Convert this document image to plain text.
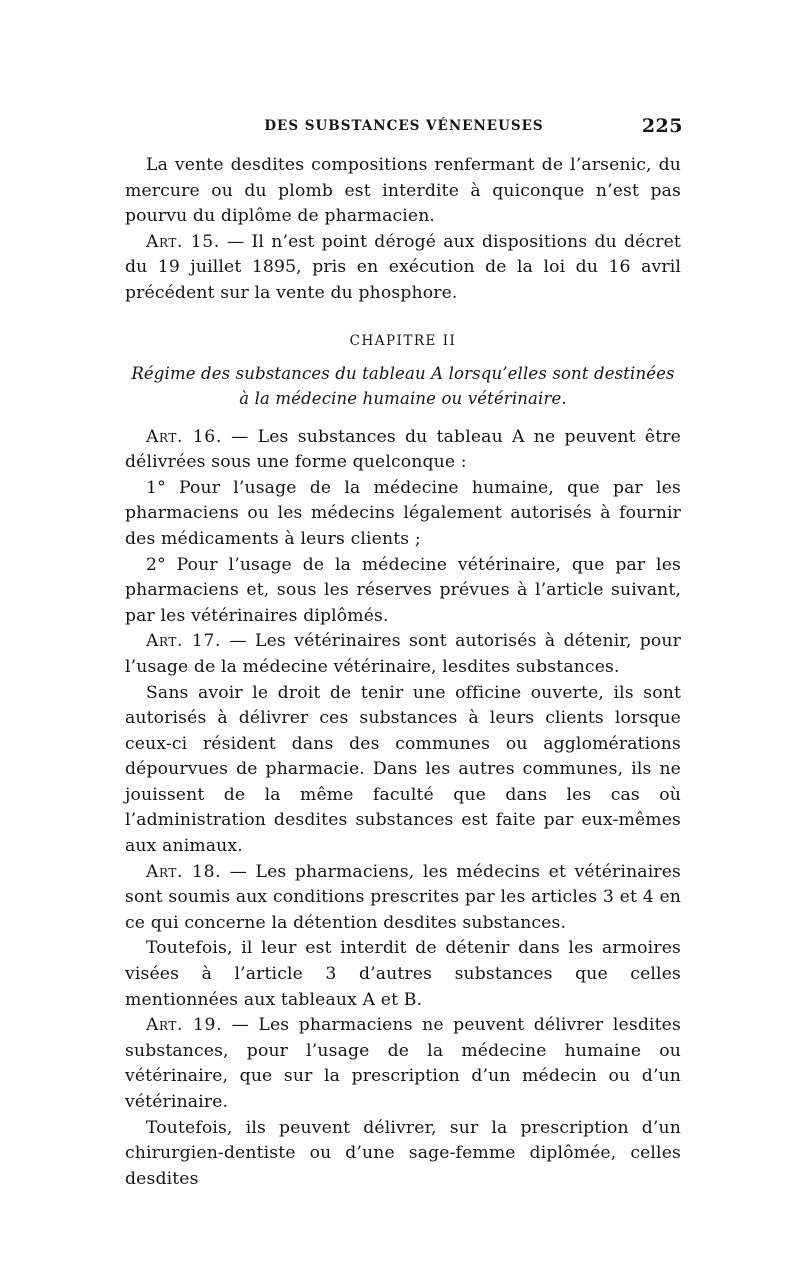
DES SUBSTANCES VÉNENEUSES	225

La vente desdites compositions renfermant de l’arsenic, du mercure ou du plomb est interdite à quiconque n’est pas pourvu du diplôme de pharmacien.

Art. 15. — Il n’est point dérogé aux dispositions du décret du 19 juillet 1895, pris en exécution de la loi du 16 avril précédent sur la vente du phosphore.

CHAPITRE II
Régime des substances du tableau A lorsqu’elles sont destinées
à la médecine humaine ou vétérinaire.

Art. 16. — Les substances du tableau A ne peuvent être délivrées sous une forme quelconque :

1° Pour l’usage de la médecine humaine, que par les pharmaciens ou les médecins légalement autorisés à fournir des médicaments à leurs clients ;

2° Pour l’usage de la médecine vétérinaire, que par les pharmaciens et, sous les réserves prévues à l’article suivant, par les vétérinaires diplômés.

Art. 17. — Les vétérinaires sont autorisés à détenir, pour l’usage de la médecine vétérinaire, lesdites substances.

Sans avoir le droit de tenir une officine ouverte, ils sont autorisés à délivrer ces substances à leurs clients lorsque ceux-ci résident dans des communes ou agglomérations dépourvues de pharmacie. Dans les autres communes, ils ne jouissent de la même faculté que dans les cas où l’administration desdites substances est faite par eux-mêmes aux animaux.

Art. 18. — Les pharmaciens, les médecins et vétérinaires sont soumis aux conditions prescrites par les articles 3 et 4 en ce qui concerne la détention desdites substances.

Toutefois, il leur est interdit de détenir dans les armoires visées à l’article 3 d’autres substances que celles mentionnées aux tableaux A et B.

Art. 19. — Les pharmaciens ne peuvent délivrer lesdites substances, pour l’usage de la médecine humaine ou vétérinaire, que sur la prescription d’un médecin ou d’un vétérinaire.

Toutefois, ils peuvent délivrer, sur la prescription d’un chirurgien-dentiste ou d’une sage-femme diplômée, celles desdites
